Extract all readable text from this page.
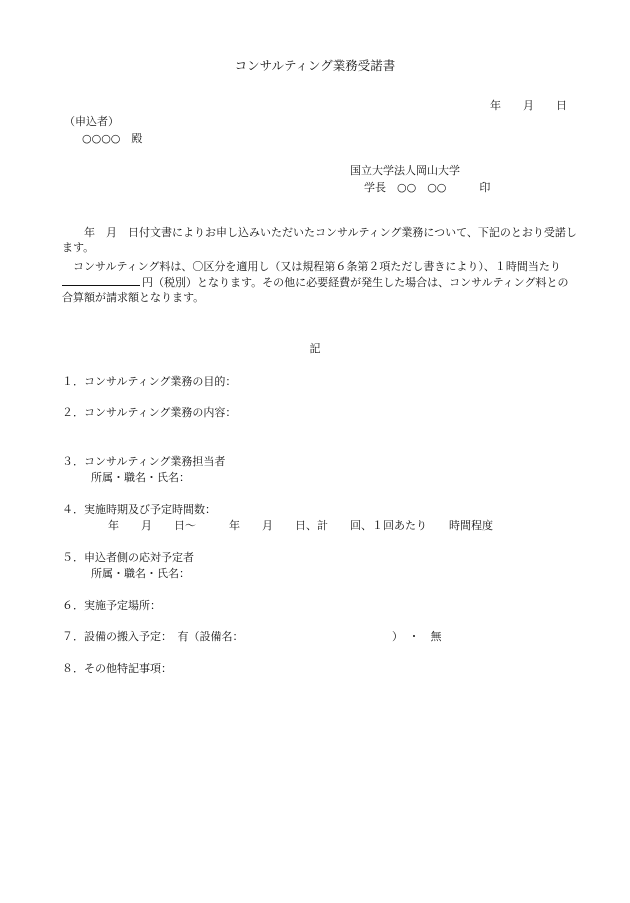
コンサルティング業務受諾書
年　　月　　日
（申込者）
○○○○　殿
国立大学法人岡山大学
学長　○○　○○　　　印
　　年　月　日付文書によりお申し込みいただいたコンサルティング業務について、下記のとおり受諾します。
　コンサルティング料は、〇区分を適用し（又は規程第６条第２項ただし書きにより）、１時間当たり
円（税別）となります。その他に必要経費が発生した場合は、コンサルティング料との合算額が請求額となります。
記
１．コンサルティング業務の目的：
２．コンサルティング業務の内容：
３．コンサルティング業務担当者
所属・職名・氏名：
４．実施時期及び予定時間数：
年　　月　　日～　　　年　　月　　日、計　　回、１回あたり　　時間程度
５．申込者側の応対予定者
所属・職名・氏名：
６．実施予定場所：
７．設備の搬入予定：　有（設備名：　　　　　　　　　　　　　　）　・　無
８．その他特記事項：
